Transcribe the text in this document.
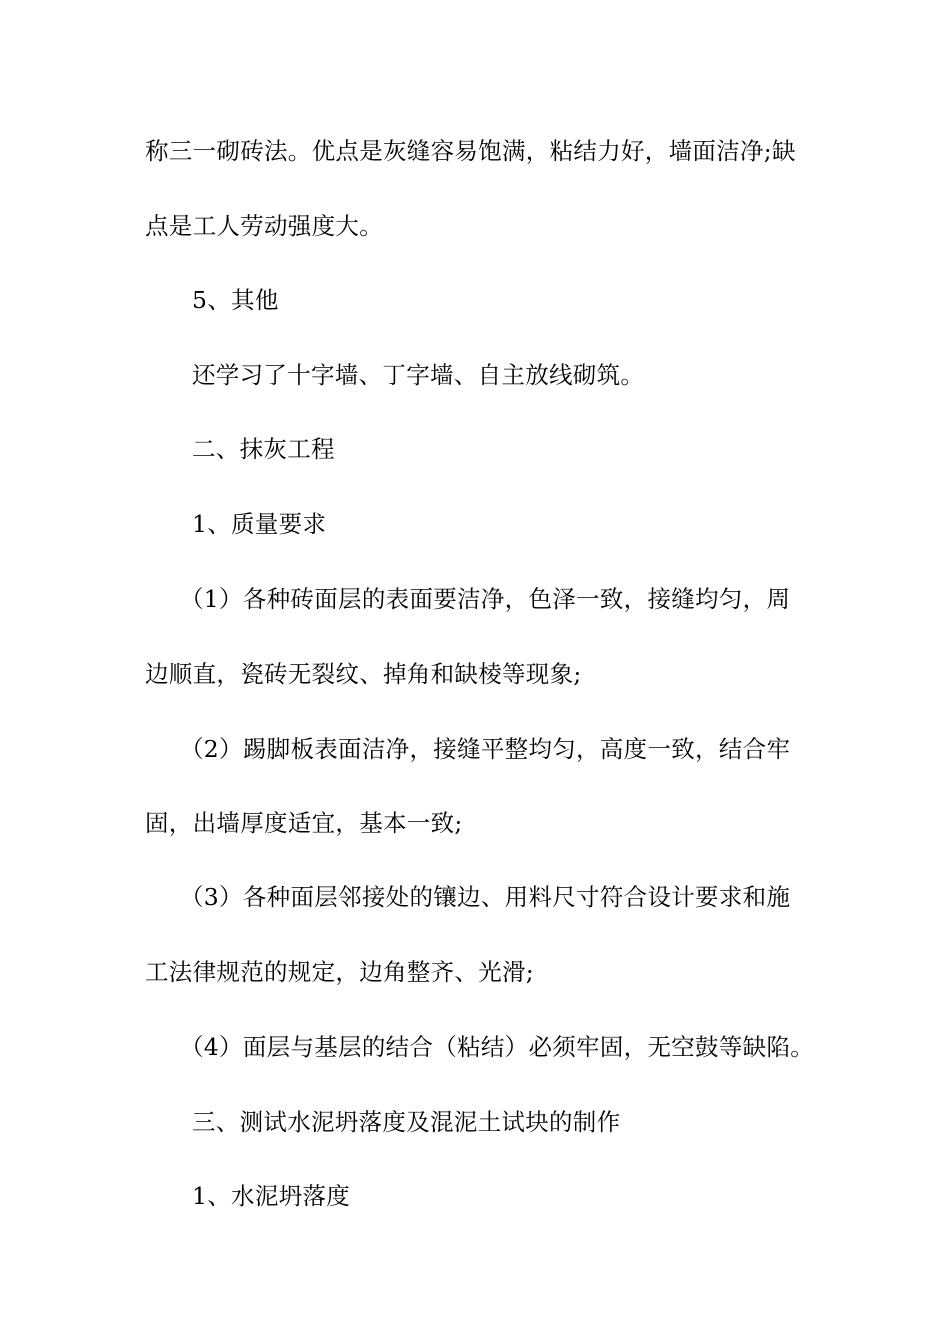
称三一砌砖法。优点是灰缝容易饱满，粘结力好，墙面洁净;缺
点是工人劳动强度大。
5、其他
还学习了十字墙、丁字墙、自主放线砌筑。
二、抹灰工程
1、质量要求
（1）各种砖面层的表面要洁净，色泽一致，接缝均匀，周
边顺直，瓷砖无裂纹、掉角和缺棱等现象;
（2）踢脚板表面洁净，接缝平整均匀，高度一致，结合牢
固，出墙厚度适宜，基本一致;
（3）各种面层邻接处的镶边、用料尺寸符合设计要求和施
工法律规范的规定，边角整齐、光滑;
（4）面层与基层的结合（粘结）必须牢固，无空鼓等缺陷。
三、测试水泥坍落度及混泥土试块的制作
1、水泥坍落度
